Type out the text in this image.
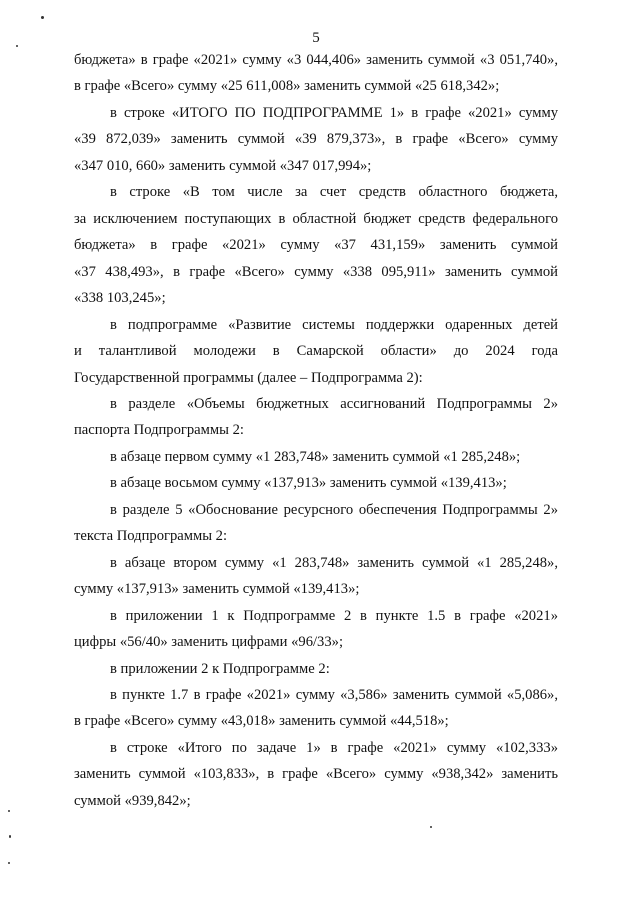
5
бюджета» в графе «2021» сумму «3 044,406» заменить суммой «3 051,740»,
в графе «Всего» сумму «25 611,008» заменить суммой «25 618,342»;
в строке «ИТОГО ПО ПОДПРОГРАММЕ 1» в графе «2021» сумму
«39 872,039» заменить суммой «39 879,373», в графе «Всего» сумму
«347 010, 660» заменить суммой «347 017,994»;
в строке «В том числе за счет средств областного бюджета,
за исключением поступающих в областной бюджет средств федерального
бюджета» в графе «2021» сумму «37 431,159» заменить суммой
«37 438,493», в графе «Всего» сумму «338 095,911» заменить суммой
«338 103,245»;
в подпрограмме «Развитие системы поддержки одаренных детей
и талантливой молодежи в Самарской области» до 2024 года
Государственной программы (далее – Подпрограмма 2):
в разделе «Объемы бюджетных ассигнований Подпрограммы 2»
паспорта Подпрограммы 2:
в абзаце первом сумму «1 283,748» заменить суммой «1 285,248»;
в абзаце восьмом сумму «137,913» заменить суммой «139,413»;
в разделе 5 «Обоснование ресурсного обеспечения Подпрограммы 2»
текста Подпрограммы 2:
в абзаце втором сумму «1 283,748» заменить суммой «1 285,248»,
сумму «137,913» заменить суммой «139,413»;
в приложении 1 к Подпрограмме 2 в пункте 1.5 в графе «2021»
цифры «56/40» заменить цифрами «96/33»;
в приложении 2 к Подпрограмме 2:
в пункте 1.7 в графе «2021» сумму «3,586» заменить суммой «5,086»,
в графе «Всего» сумму «43,018» заменить суммой «44,518»;
в строке «Итого по задаче 1» в графе «2021» сумму «102,333»
заменить суммой «103,833», в графе «Всего» сумму «938,342» заменить
суммой «939,842»;
